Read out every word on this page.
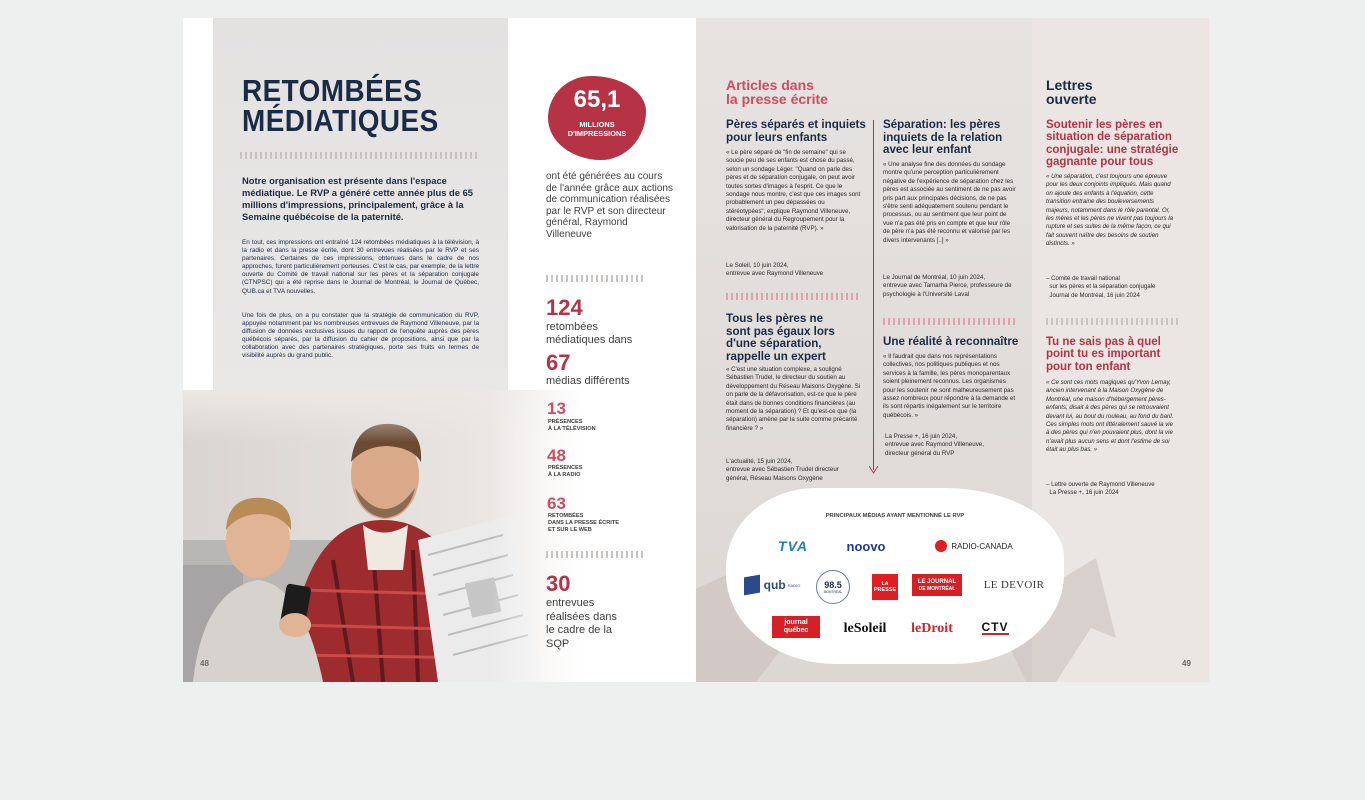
RETOMBÉES
MÉDIATIQUES

Notre organisation est présente dans l'espace médiatique. Le RVP a généré cette année plus de 65 millions d'impressions, principalement, grâce à la Semaine québécoise de la paternité.

En tout, ces impressions ont entraîné 124 retombées médiatiques à la télévision, à la radio et dans la presse écrite, dont 30 entrevues réalisées par le RVP et ses partenaires. Certaines de ces impressions, obtenues dans le cadre de nos approches, furent particulièrement porteuses. C'est le cas, par exemple, de la lettre ouverte du Comité de travail national sur les pères et la séparation conjugale (CTNPSC) qui a été reprise dans le Journal de Montréal, le Journal de Québec, QUB.ca et TVA nouvelles.

Une fois de plus, on a pu constater que la stratégie de communication du RVP, appuyée notamment par les nombreuses entrevues de Raymond Villeneuve, par la diffusion de données exclusives issues du rapport de l'enquête auprès des pères québécois séparés, par la diffusion du cahier de propositions, ainsi que par la collaboration avec des partenaires stratégiques, porte ses fruits en termes de visibilité auprès du grand public.

65,1
MILLIONS
D'IMPRESSIONS

ont été générées au cours de l'année grâce aux actions de communication réalisées par le RVP et son directeur général, Raymond Villeneuve

124
retombées médiatiques dans
67
médias différents
13
PRÉSENCES
À LA TÉLÉVISION
48
PRÉSENCES
À LA RADIO
63
RETOMBÉES
DANS LA PRESSE ÉCRITE
ET SUR LE WEB
30
entrevues réalisées dans le cadre de la SQP
48
Articles dans
la presse écrite
Pères séparés et inquiets pour leurs enfants

« Le père séparé de "fin de semaine" qui se soucie peu de ses enfants est chose du passé, selon un sondage Léger. "Quand on parle des pères et de séparation conjugale, on peut avoir toutes sortes d'images à l'esprit. Ce que le sondage nous montre, c'est que ces images sont probablement un peu dépassées ou stéréotypées", explique Raymond Villeneuve, directeur général du Regroupement pour la valorisation de la paternité (RVP). »

Le Soleil, 10 juin 2024,
entrevue avec Raymond Villeneuve

Tous les pères ne sont pas égaux lors d'une séparation, rappelle un expert

« C'est une situation complexe, a souligné Sébastien Trudel, le directeur du soutien au développement du Réseau Maisons Oxygène. Si on parle de la défavorisation, est-ce que le père était dans de bonnes conditions financières (au moment de la séparation) ? Et qu'est-ce que (la séparation) amène par la suite comme précarité financière ? »

L'actualité, 15 juin 2024,
entrevue avec Sébastien Trudel directeur général, Réseau Maisons Oxygène

Séparation: les pères inquiets de la relation avec leur enfant

« Une analyse fine des données du sondage montre qu'une perception particulièrement négative de l'expérience de séparation chez les pères est associée au sentiment de ne pas avoir pris part aux principales décisions, de ne pas s'être senti adéquatement soutenu pendant le processus, ou au sentiment que leur point de vue n'a pas été pris en compte et que leur rôle de père n'a pas été reconnu et valorisé par les divers intervenants [..] »

Le Journal de Montréal, 10 juin 2024,
entrevue avec Tamarha Pierce, professeure de psychologie à l'Université Laval

Une réalité à reconnaître

« Il faudrait que dans nos représentations collectives, nos politiques publiques et nos services à la famille, les pères monoparentaux soient pleinement reconnus. Les organismes pour les soutenir ne sont malheureusement pas assez nombreux pour répondre à la demande et ils sont répartis inégalement sur le territoire québécois. »

La Presse +, 16 juin 2024,
entrevue avec Raymond Villeneuve,
directeur général du RVP

Lettres
ouverte
Soutenir les pères en situation de séparation conjugale: une stratégie gagnante pour tous

« Une séparation, c'est toujours une épreuve pour les deux conjoints impliqués. Mais quand on ajoute des enfants à l'équation, cette transition entraine des bouleversements majeurs, notamment dans le rôle parental. Or, les mères et les pères ne vivent pas toujours la rupture et ses suites de la même façon, ce qui fait souvent naître des besoins de soutien distincts. »

– Comité de travail national
sur les pères et la séparation conjugale
Journal de Montréal, 16 juin 2024

Tu ne sais pas à quel point tu es important pour ton enfant

« Ce sont ces mots magiques qu'Yvon Lemay, ancien intervenant à la Maison Oxygène de Montréal, une maison d'hébergement pères-enfants, disait à des pères qui se retrouvaient devant lui, au bout du rouleau, au fond du baril. Ces simples mots ont littéralement sauvé la vie à des pères qui n'en pouvaient plus, dont la vie n'avait plus aucun sens et dont l'estime de soi était au plus bas. »

– Lettre ouverte de Raymond Villeneuve
La Presse +, 16 juin 2024

49
PRINCIPAUX MÉDIAS AYANT MENTIONNÉ LE RVP
TVA	noovo	RADIO-CANADA
qub RADIO	98.5
MONTRÉAL
LA
PRESSE
LE JOURNAL
DE MONTRÉAL	LE DEVOIR
journal
québec	leSoleil leDroit CTV
